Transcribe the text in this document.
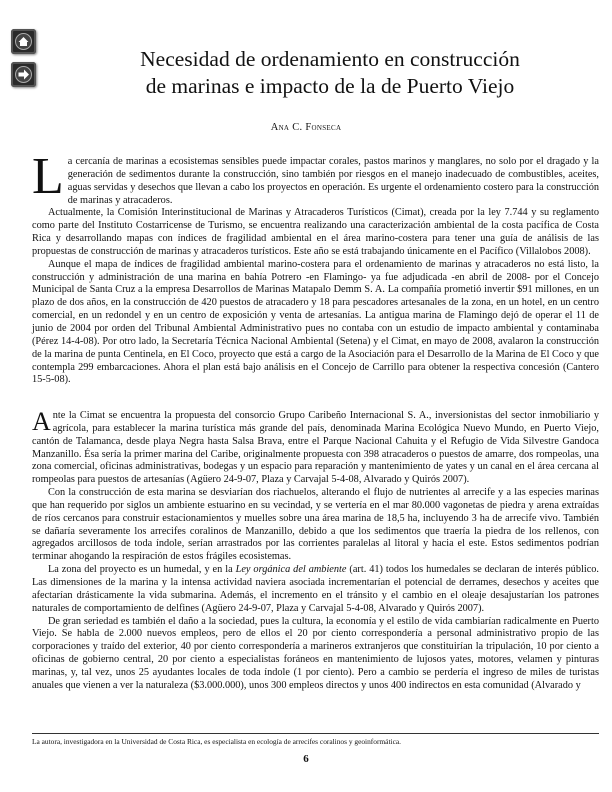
Necesidad de ordenamiento en construcción
de marinas e impacto de la de Puerto Viejo
Ana C. Fonseca

La cercanía de marinas a ecosistemas sensibles puede impactar corales, pastos marinos y manglares, no solo por el dragado y la generación de sedimentos durante la construcción, sino también por riesgos en el manejo inadecuado de combustibles, aceites, aguas servidas y desechos que llevan a cabo los proyectos en operación. Es urgente el ordenamiento costero para la construcción de marinas y atracaderos.

Actualmente, la Comisión Interinstitucional de Marinas y Atracaderos Turísticos (Cimat), creada por la ley 7.744 y su reglamento como parte del Instituto Costarricense de Turismo, se encuentra realizando una caracterización ambiental de la costa pacífica de Costa Rica y desarrollando mapas con índices de fragilidad ambiental en el área marino-costera para tener una guía de análisis de las propuestas de construcción de marinas y atracaderos turísticos. Este año se está trabajando únicamente en el Pacífico (Villalobos 2008).

Aunque el mapa de índices de fragilidad ambiental marino-costera para el ordenamiento de marinas y atracaderos no está listo, la construcción y administración de una marina en bahía Potrero -en Flamingo- ya fue adjudicada -en abril de 2008- por el Concejo Municipal de Santa Cruz a la empresa Desarrollos de Marinas Matapalo Demm S. A. La compañía prometió invertir $91 millones, en un plazo de dos años, en la construcción de 420 puestos de atracadero y 18 para pescadores artesanales de la zona, en un hotel, en un centro comercial, en un redondel y en un centro de exposición y venta de artesanías. La antigua marina de Flamingo dejó de operar el 11 de junio de 2004 por orden del Tribunal Ambiental Administrativo pues no contaba con un estudio de impacto ambiental y contaminaba (Pérez 14-4-08). Por otro lado, la Secretaría Técnica Nacional Ambiental (Setena) y el Cimat, en mayo de 2008, avalaron la construcción de la marina de punta Centinela, en El Coco, proyecto que está a cargo de la Asociación para el Desarrollo de la Marina de El Coco y que contempla 299 embarcaciones. Ahora el plan está bajo análisis en el Concejo de Carrillo para obtener la respectiva concesión (Cantero 15-5-08).

Ante la Cimat se encuentra la propuesta del consorcio Grupo Caribeño Internacional S. A., inversionistas del sector inmobiliario y agrícola, para establecer la marina turística más grande del país, denominada Marina Ecológica Nuevo Mundo, en Puerto Viejo, cantón de Talamanca, desde playa Negra hasta Salsa Brava, entre el Parque Nacional Cahuita y el Refugio de Vida Silvestre Gandoca Manzanillo. Ésa sería la primer marina del Caribe, originalmente propuesta con 398 atracaderos o puestos de amarre, dos rompeolas, una zona comercial, oficinas administrativas, bodegas y un espacio para reparación y mantenimiento de yates y un canal en el área cercana al rompeolas para puestos de artesanías (Agüero 24-9-07, Plaza y Carvajal 5-4-08, Alvarado y Quirós 2007).

Con la construcción de esta marina se desviarían dos riachuelos, alterando el flujo de nutrientes al arrecife y a las especies marinas que han requerido por siglos un ambiente estuarino en su vecindad, y se vertería en el mar 80.000 vagonetas de piedra y arena extraídas de ríos cercanos para construir estacionamientos y muelles sobre una área marina de 18,5 ha, incluyendo 3 ha de arrecife vivo. También se dañaría severamente los arrecifes coralinos de Manzanillo, debido a que los sedimentos que traería la piedra de los rellenos, con agregados arcillosos de toda índole, serían arrastrados por las corrientes paralelas al litoral y hacia el este. Estos sedimentos podrían terminar ahogando la respiración de estos frágiles ecosistemas.

La zona del proyecto es un humedal, y en la Ley orgánica del ambiente (art. 41) todos los humedales se declaran de interés público. Las dimensiones de la marina y la intensa actividad naviera asociada incrementarían el potencial de derrames, desechos y aceites que afectarían drásticamente la vida submarina. Además, el incremento en el tránsito y el cambio en el oleaje desajustarían los patrones naturales de comportamiento de delfines (Agüero 24-9-07, Plaza y Carvajal 5-4-08, Alvarado y Quirós 2007).

De gran seriedad es también el daño a la sociedad, pues la cultura, la economía y el estilo de vida cambiarían radicalmente en Puerto Viejo. Se habla de 2.000 nuevos empleos, pero de ellos el 20 por ciento correspondería a personal administrativo propio de las corporaciones y traído del exterior, 40 por ciento correspondería a marineros extranjeros que constituirían la tripulación, 10 por ciento a oficinas de gobierno central, 20 por ciento a especialistas foráneos en mantenimiento de lujosos yates, motores, velamen y pinturas marinas, y, tal vez, unos 25 ayudantes locales de toda índole (1 por ciento). Pero a cambio se perdería el ingreso de miles de turistas anuales que vienen a ver la naturaleza ($3.000.000), unos 300 empleos directos y unos 400 indirectos en esta comunidad (Alvarado y

La autora, investigadora en la Universidad de Costa Rica, es especialista en ecología de arrecifes coralinos y geoinformática.
6
